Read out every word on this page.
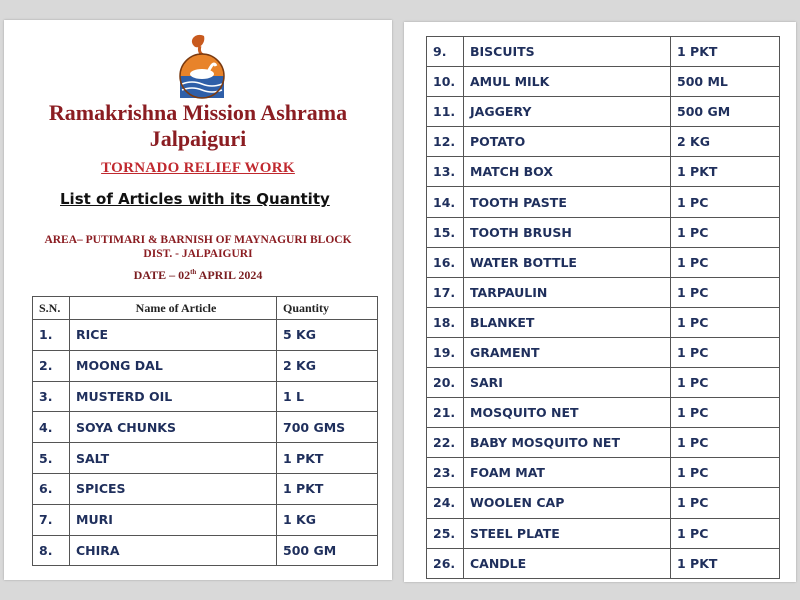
Ramakrishna Mission Ashrama
Jalpaiguri
TORNADO RELIEF WORK
List of Articles with its Quantity
AREA– PUTIMARI & BARNISH OF MAYNAGURI BLOCK
DIST. - JALPAIGURI
DATE – 02th APRIL 2024
S.N.	Name of Article	Quantity
1.	RICE	5 KG
2.	MOONG DAL	2 KG
3.	MUSTERD OIL	1 L
4.	SOYA CHUNKS	700 GMS
5.	SALT	1 PKT
6.	SPICES	1 PKT
7.	MURI	1 KG
8.	CHIRA	500 GM
9.	BISCUITS	1 PKT
10.	AMUL MILK	500 ML
11.	JAGGERY	500 GM
12.	POTATO	2 KG
13.	MATCH BOX	1 PKT
14.	TOOTH PASTE	1 PC
15.	TOOTH BRUSH	1 PC
16.	WATER BOTTLE	1 PC
17.	TARPAULIN	1 PC
18.	BLANKET	1 PC
19.	GRAMENT	1 PC
20.	SARI	1 PC
21.	MOSQUITO NET	1 PC
22.	BABY MOSQUITO NET	1 PC
23.	FOAM MAT	1 PC
24.	WOOLEN CAP	1 PC
25.	STEEL PLATE	1 PC
26.	CANDLE	1 PKT
